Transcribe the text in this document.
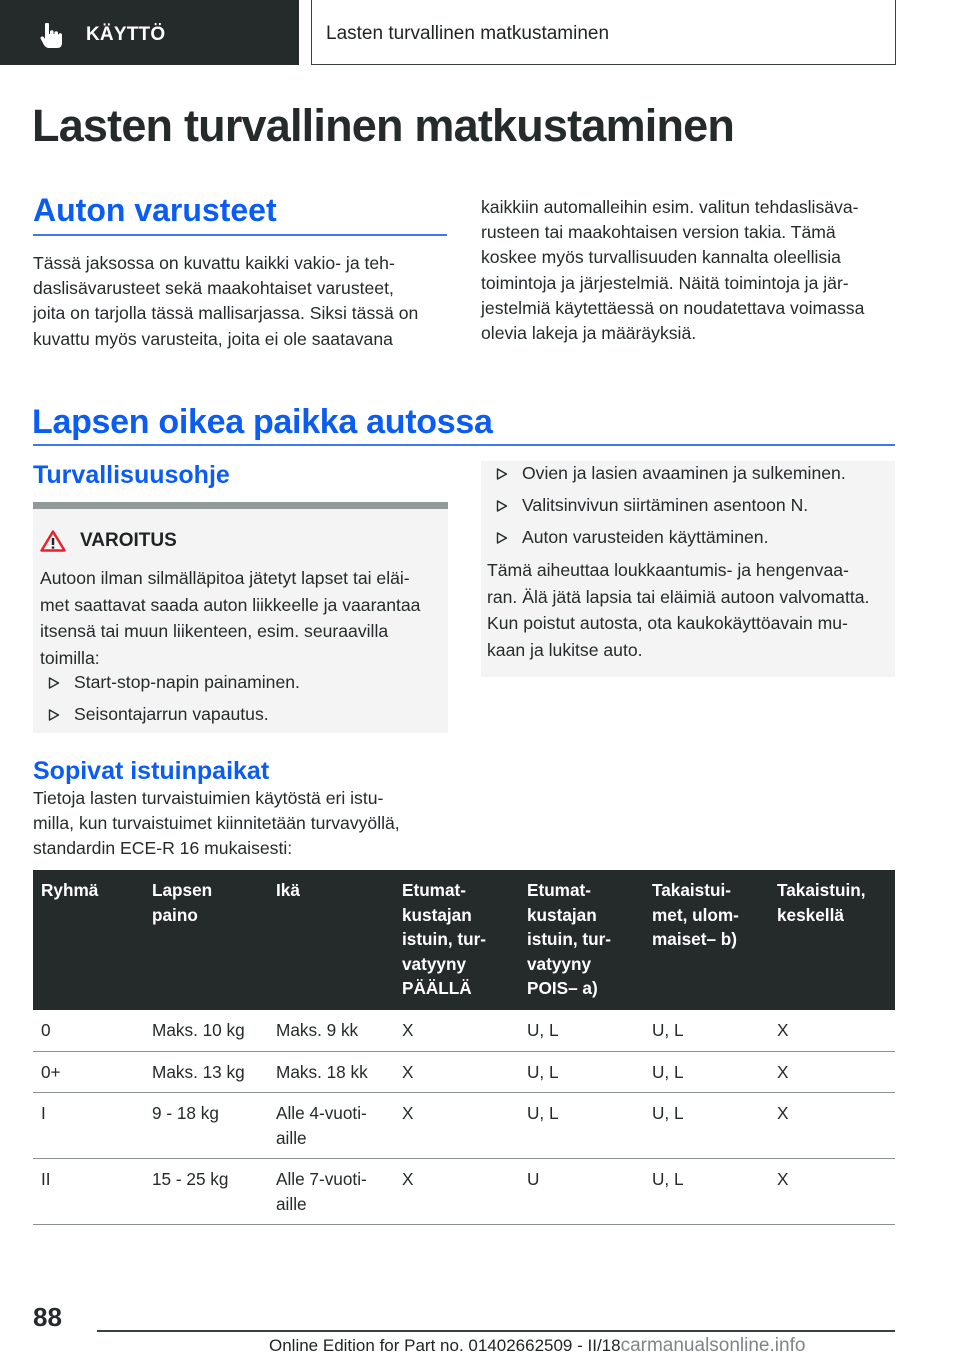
KÄYTTÖ	Lasten turvallinen matkustaminen
Lasten turvallinen matkustaminen
Auton varusteet
Tässä jaksossa on kuvattu kaikki vakio- ja teh-
daslisävarusteet sekä maakohtaiset varusteet,
joita on tarjolla tässä mallisarjassa. Siksi tässä on
kuvattu myös varusteita, joita ei ole saatavana
kaikkiin automalleihin esim. valitun tehdaslisäva-
rusteen tai maakohtaisen version takia. Tämä
koskee myös turvallisuuden kannalta oleellisia
toimintoja ja järjestelmiä. Näitä toimintoja ja jär-
jestelmiä käytettäessä on noudatettava voimassa
olevia lakeja ja määräyksiä.
Lapsen oikea paikka autossa
Turvallisuusohje
VAROITUS
Autoon ilman silmälläpitoa jätetyt lapset tai eläi-
met saattavat saada auton liikkeelle ja vaarantaa
itsensä tai muun liikenteen, esim. seuraavilla
toimilla:
Start-stop-napin painaminen.
Seisontajarrun vapautus.
Ovien ja lasien avaaminen ja sulkeminen.
Valitsinvivun siirtäminen asentoon N.
Auton varusteiden käyttäminen.
Tämä aiheuttaa loukkaantumis- ja hengenvaa-
ran. Älä jätä lapsia tai eläimiä autoon valvomatta.
Kun poistut autosta, ota kaukokäyttöavain mu-
kaan ja lukitse auto.
Sopivat istuinpaikat
Tietoja lasten turvaistuimien käytöstä eri istu-
milla, kun turvaistuimet kiinnitetään turvavyöllä,
standardin ECE-R 16 mukaisesti:
Ryhmä	Lapsen paino	Ikä	Etumat-kustajan istuin, tur-vatyyny PÄÄLLÄ	Etumat-kustajan istuin, tur-vatyyny POIS– a)	Takaistui-met, ulom-maiset– b)	Takaistuin, keskellä
0	Maks. 10 kg	Maks. 9 kk	X	U, L	U, L	X
0+	Maks. 13 kg	Maks. 18 kk	X	U, L	U, L	X
I	9 - 18 kg	Alle 4-vuoti-aille	X	U, L	U, L	X
II	15 - 25 kg	Alle 7-vuoti-aille	X	U	U, L	X
88
Online Edition for Part no. 01402662509 - II/18carmanualsonline.info
